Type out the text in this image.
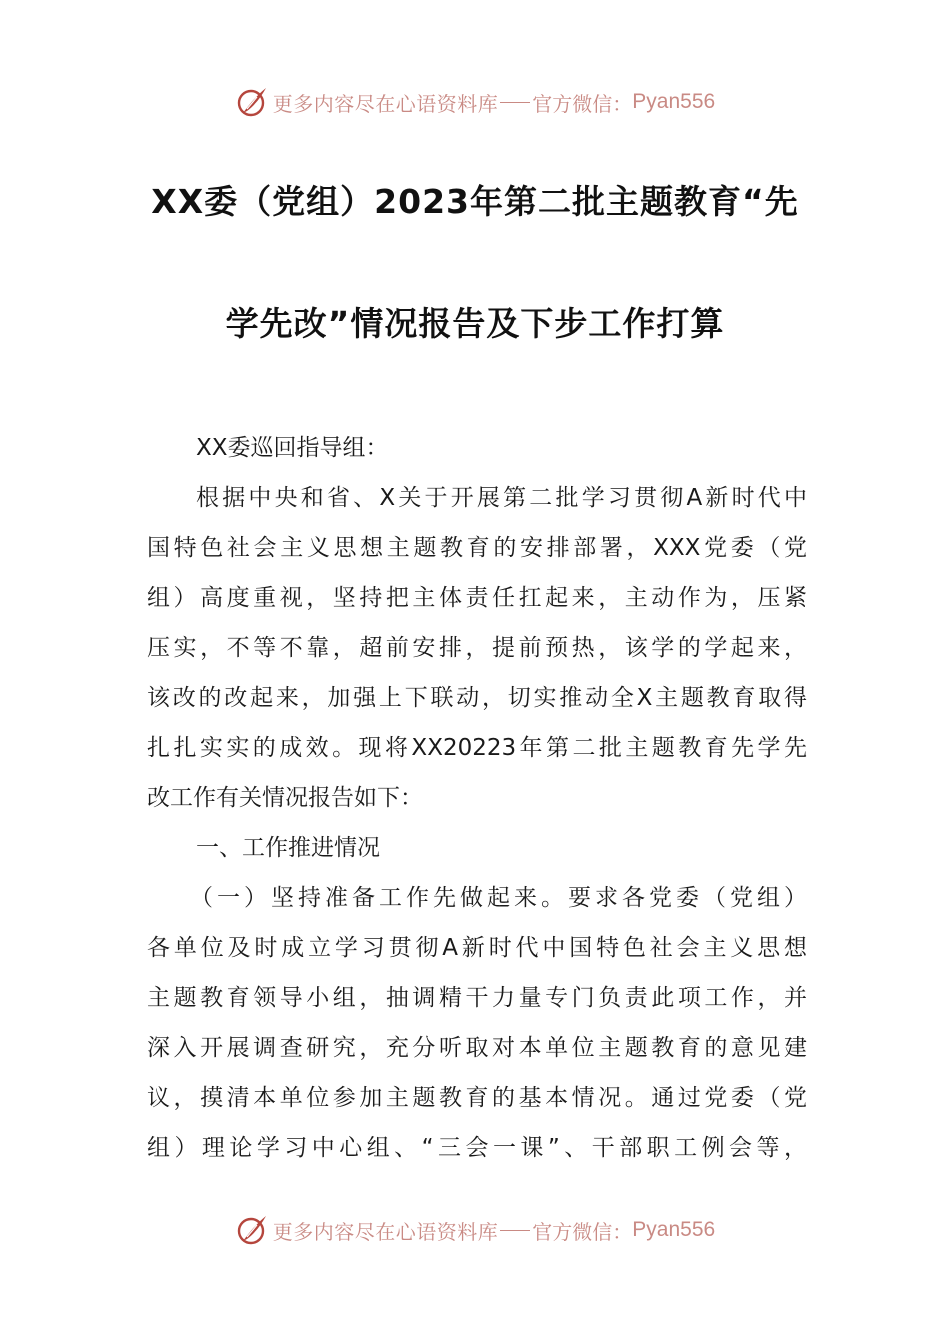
更多内容尽在心语资料库 官方微信： Pyan556
XX委（党组）2023年第二批主题教育“先
学先改”情况报告及下步工作打算
XX委巡回指导组：
根据中央和省、X关于开展第二批学习贯彻A新时代中
国特色社会主义思想主题教育的安排部署，XXX党委（党
组）高度重视，坚持把主体责任扛起来，主动作为，压紧
压实，不等不靠，超前安排，提前预热，该学的学起来，
该改的改起来，加强上下联动，切实推动全X主题教育取得
扎扎实实的成效。现将XX20223年第二批主题教育先学先
改工作有关情况报告如下：
一、工作推进情况
（一）坚持准备工作先做起来。要求各党委（党组）
各单位及时成立学习贯彻A新时代中国特色社会主义思想
主题教育领导小组，抽调精干力量专门负责此项工作，并
深入开展调查研究，充分听取对本单位主题教育的意见建
议，摸清本单位参加主题教育的基本情况。通过党委（党
组）理论学习中心组、“三会一课”、干部职工例会等，
更多内容尽在心语资料库 官方微信： Pyan556
